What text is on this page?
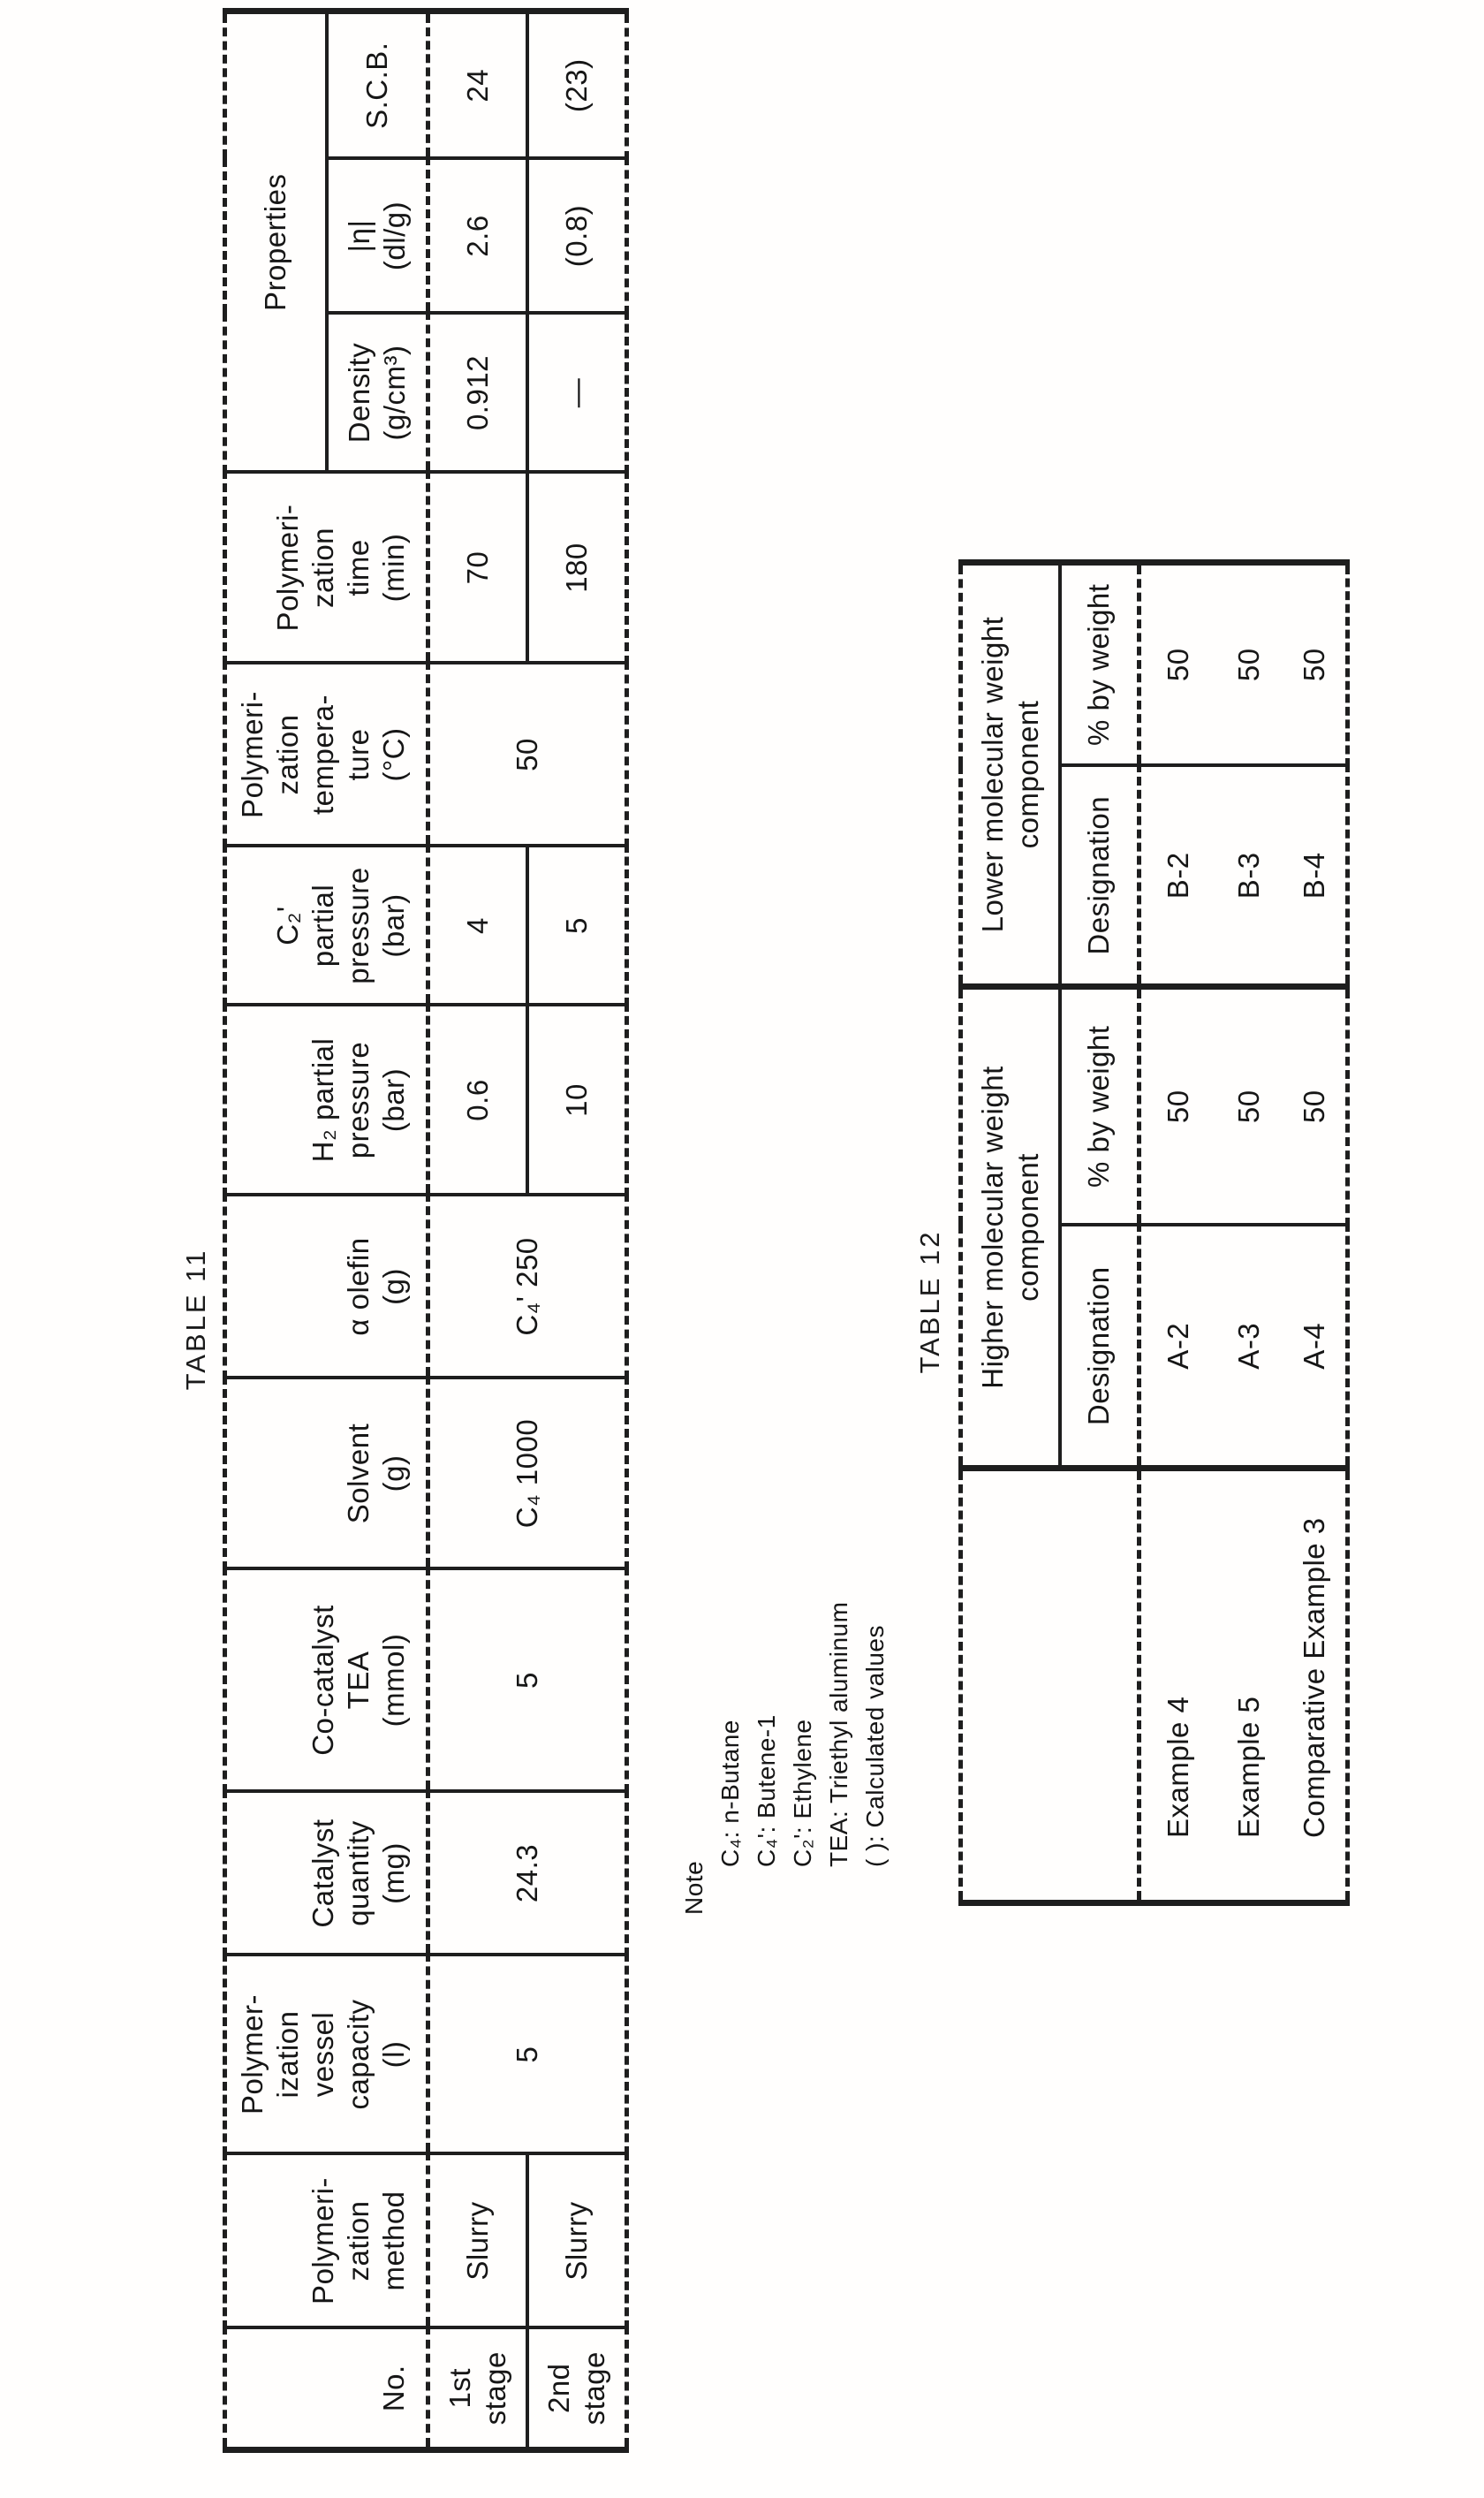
TABLE 11
No.	Polymeri-
zation
method	Polymer-
ization
vessel
capacity
(l)	Catalyst
quantity
(mg)	Co-catalyst
TEA
(mmol)	Solvent
(g)	α olefin
(g)	H₂ partial
pressure
(bar)	C₂'
partial
pressure
(bar)	Polymeri-
zation
tempera-
ture
(°C)	Polymeri-
zation
time
(min)	Properties		
											Density
(g/cm³)	|η|
(dl/g)	S.C.B.
1st
stage	Slurry	5	24.3	5	C₄ 1000	C₄' 250	0.6	4	50	70	0.912	2.6	24
2nd
stage	Slurry						10	5		180	—	(0.8)	(23)
Note
C₄: n-Butane C₄': Butene-1 C₂': Ethylene TEA: Triethyl aluminum ( ): Calculated values
TABLE 12
	Higher molecular weight
component		Lower molecular weight
component	
	Designation	% by weight	Designation	% by weight
Example 4	A-2	50	B-2	50
Example 5	A-3	50	B-3	50
Comparative Example 3	A-4	50	B-4	50
